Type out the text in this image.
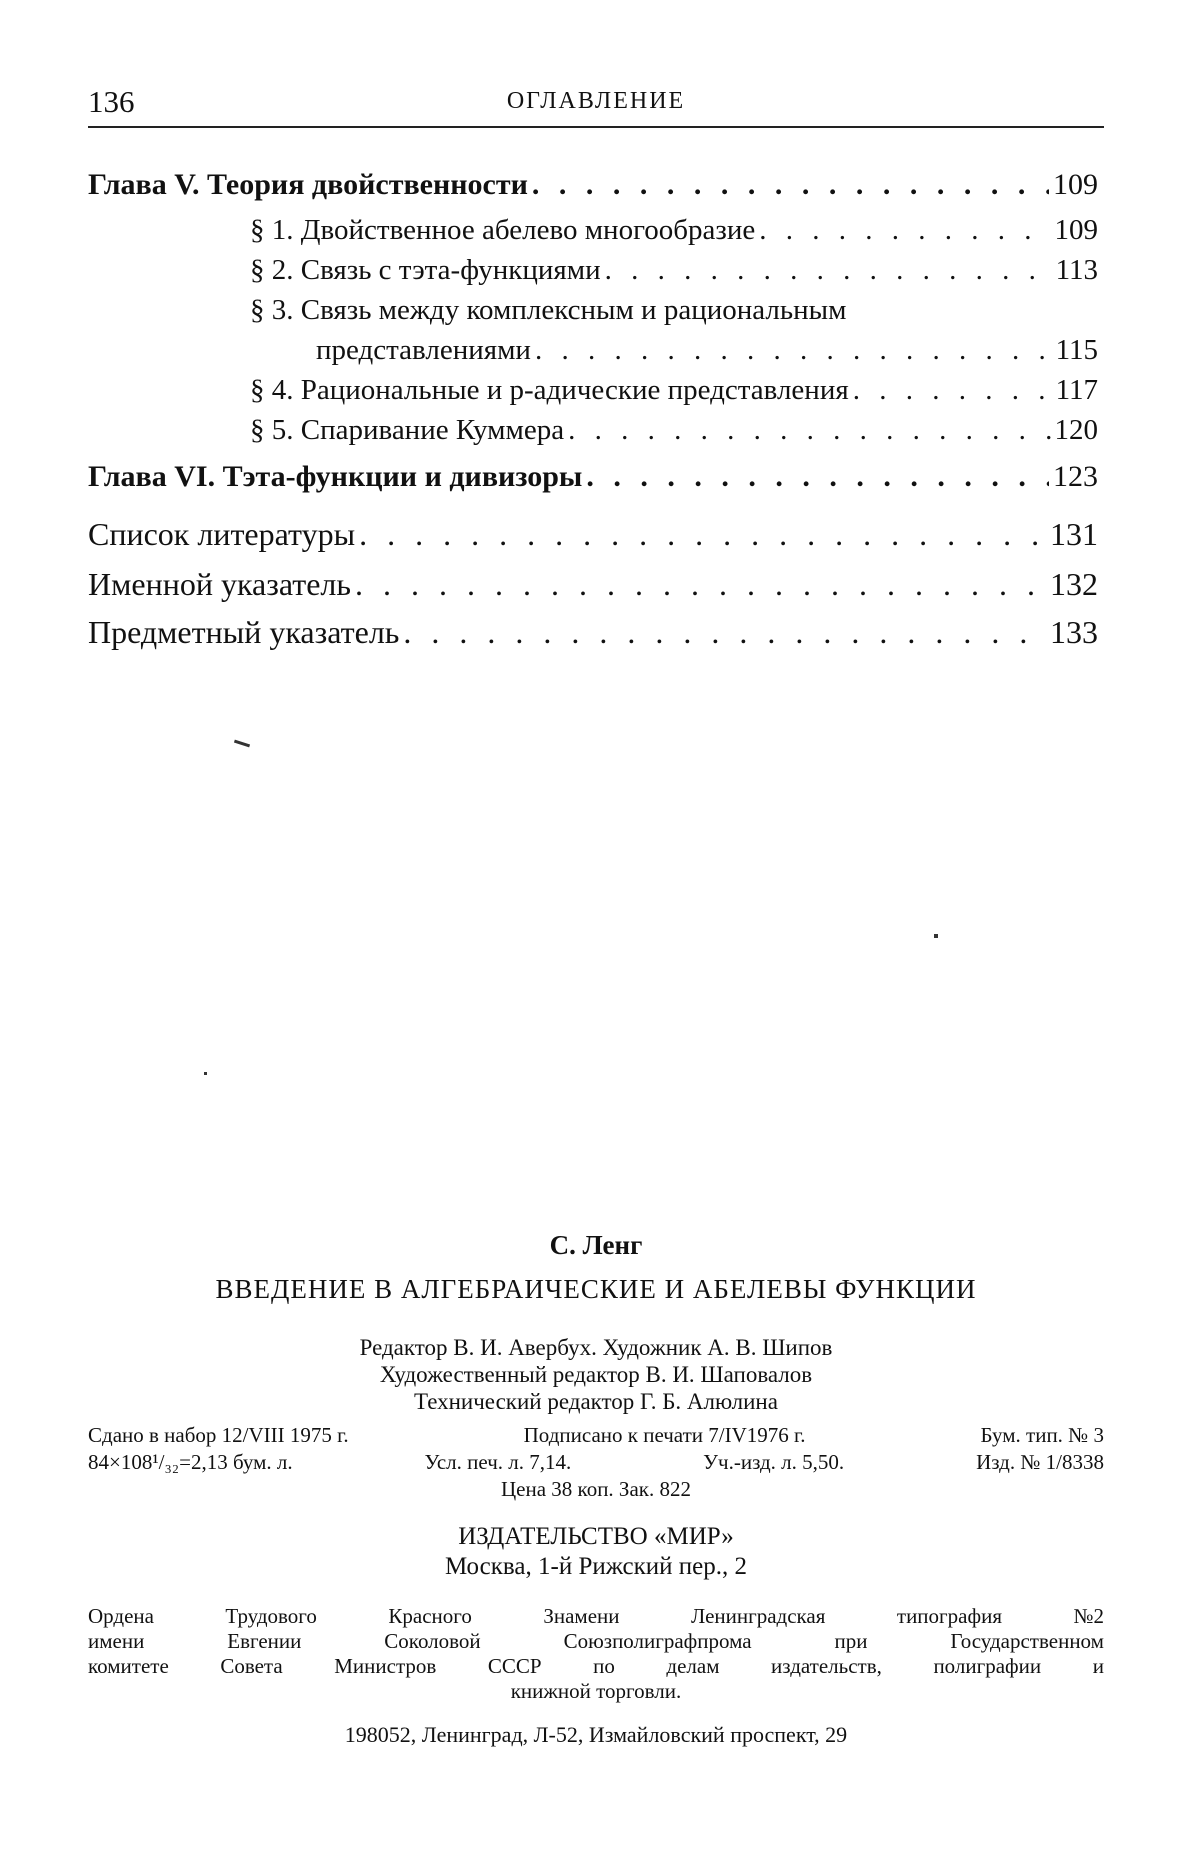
136	ОГЛАВЛЕНИЕ
Глава V. Теория двойственности . . .	109
§ 1. Двойственное абелево многообразие . . .	109
§ 2. Связь с тэта-функциями . . .	113
§ 3. Связь между комплексным и рациональным
представлениями . . .	115
§ 4. Рациональные и p-адические представления . . .	117
§ 5. Спаривание Куммера . . .	120
Глава VI. Тэта-функции и дивизоры . . .	123
Список литературы . . .	131
Именной указатель . . .	132
Предметный указатель . . .	133
С. Ленг
ВВЕДЕНИЕ В АЛГЕБРАИЧЕСКИЕ И АБЕЛЕВЫ ФУНКЦИИ
Редактор В. И. Авербух. Художник А. В. Шипов
Художественный редактор В. И. Шаповалов
Технический редактор Г. Б. Алюлина
Сдано в набор 12/VIII 1975 г.	Подписано к печати 7/IV1976 г.	Бум. тип. № 3
84×108¹/₃₂=2,13 бум. л.	Усл. печ. л. 7,14.	Уч.-изд. л. 5,50.	Изд. № 1/8338
Цена 38 коп. Зак. 822
ИЗДАТЕЛЬСТВО «МИР»
Москва, 1-й Рижский пер., 2
Ордена	Трудового	Красного	Знамени	Ленинградская	типография	№2
имени	Евгении	Соколовой	Союзполиграфпрома	при	Государственном
комитете Совета Министров СССР по делам издательств, полиграфии и
книжной торговли.
198052, Ленинград, Л-52, Измайловский проспект, 29
